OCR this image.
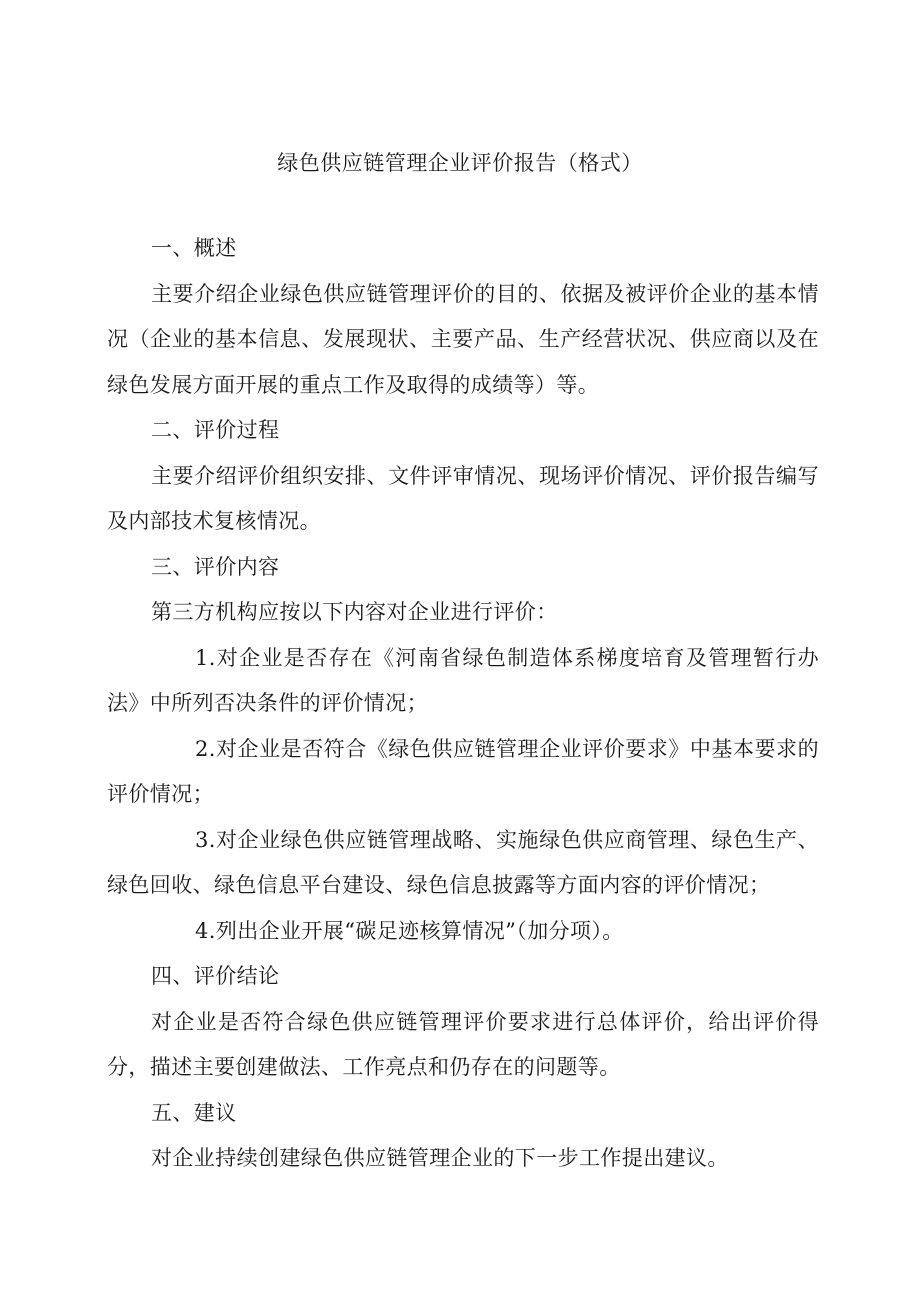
绿色供应链管理企业评价报告（格式）

一、概述

主要介绍企业绿色供应链管理评价的目的、依据及被评价企业的基本情况（企业的基本信息、发展现状、主要产品、生产经营状况、供应商以及在绿色发展方面开展的重点工作及取得的成绩等）等。

二、评价过程

主要介绍评价组织安排、文件评审情况、现场评价情况、评价报告编写及内部技术复核情况。

三、评价内容

第三方机构应按以下内容对企业进行评价：

1.对企业是否存在《河南省绿色制造体系梯度培育及管理暂行办法》中所列否决条件的评价情况；

2.对企业是否符合《绿色供应链管理企业评价要求》中基本要求的评价情况；

3.对企业绿色供应链管理战略、实施绿色供应商管理、绿色生产、绿色回收、绿色信息平台建设、绿色信息披露等方面内容的评价情况；

4.列出企业开展“碳足迹核算情况”（加分项）。

四、评价结论

对企业是否符合绿色供应链管理评价要求进行总体评价，给出评价得分，描述主要创建做法、工作亮点和仍存在的问题等。

五、建议

对企业持续创建绿色供应链管理企业的下一步工作提出建议。
